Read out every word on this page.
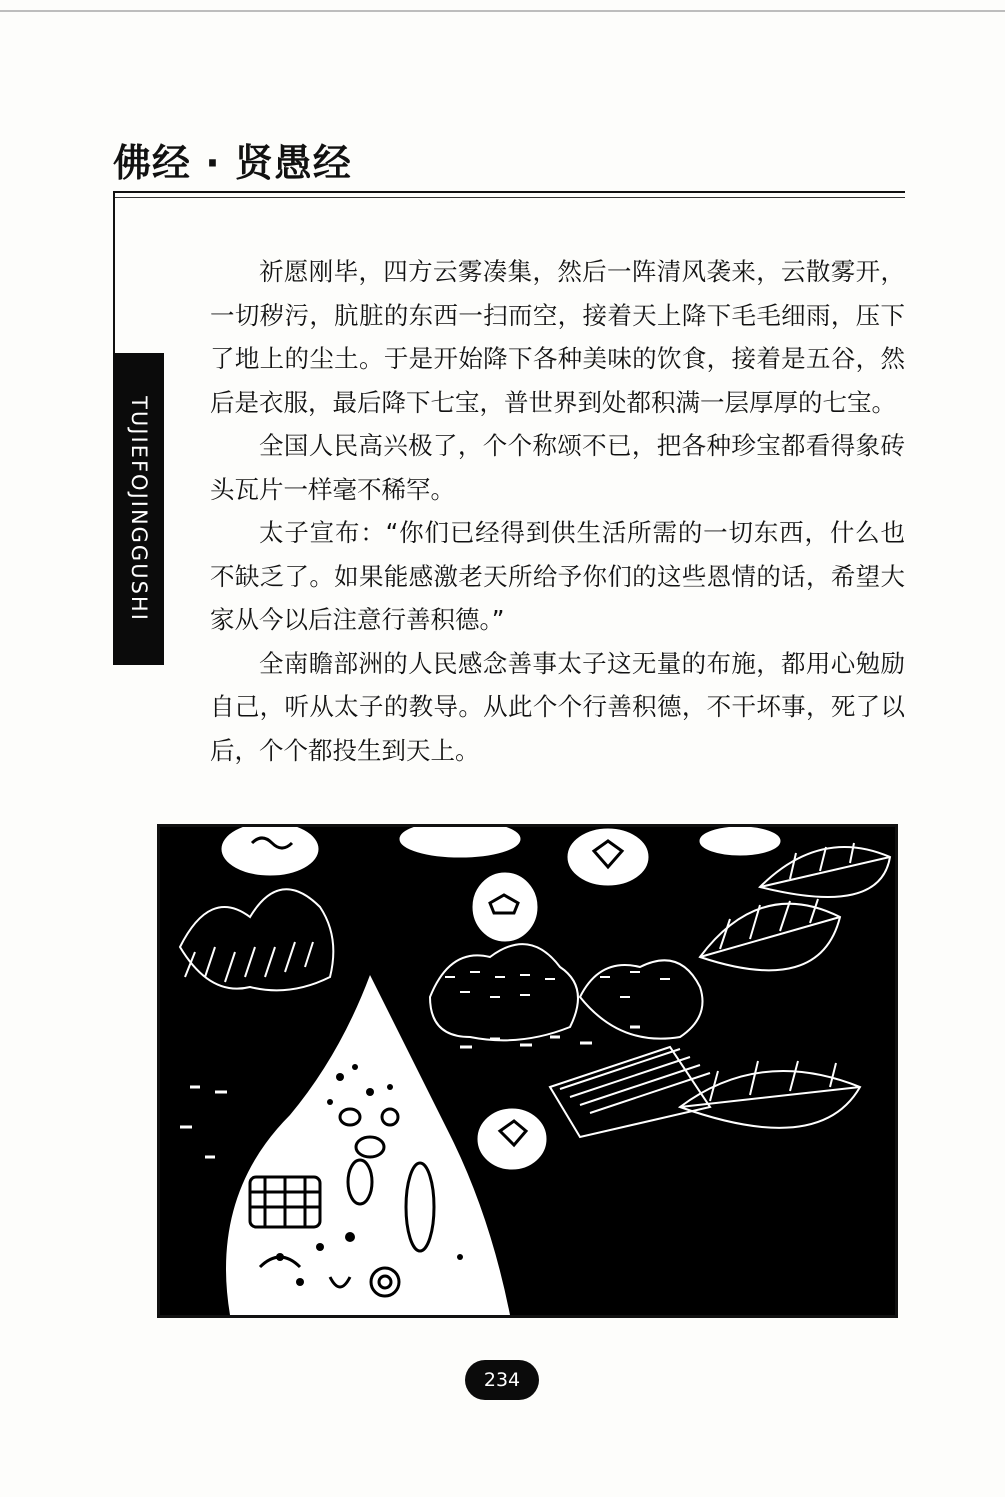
佛经 · 贤愚经
TUJIEFOJINGGUSHI

祈愿刚毕，四方云雾凑集，然后一阵清风袭来，云散雾开，一切秽污，肮脏的东西一扫而空，接着天上降下毛毛细雨，压下了地上的尘土。于是开始降下各种美味的饮食，接着是五谷，然后是衣服，最后降下七宝，普世界到处都积满一层厚厚的七宝。

全国人民高兴极了，个个称颂不已，把各种珍宝都看得象砖头瓦片一样毫不稀罕。

太子宣布：“你们已经得到供生活所需的一切东西，什么也不缺乏了。如果能感激老天所给予你们的这些恩情的话，希望大家从今以后注意行善积德。”

全南瞻部洲的人民感念善事太子这无量的布施，都用心勉励自己，听从太子的教导。从此个个行善积德，不干坏事，死了以后，个个都投生到天上。

234
